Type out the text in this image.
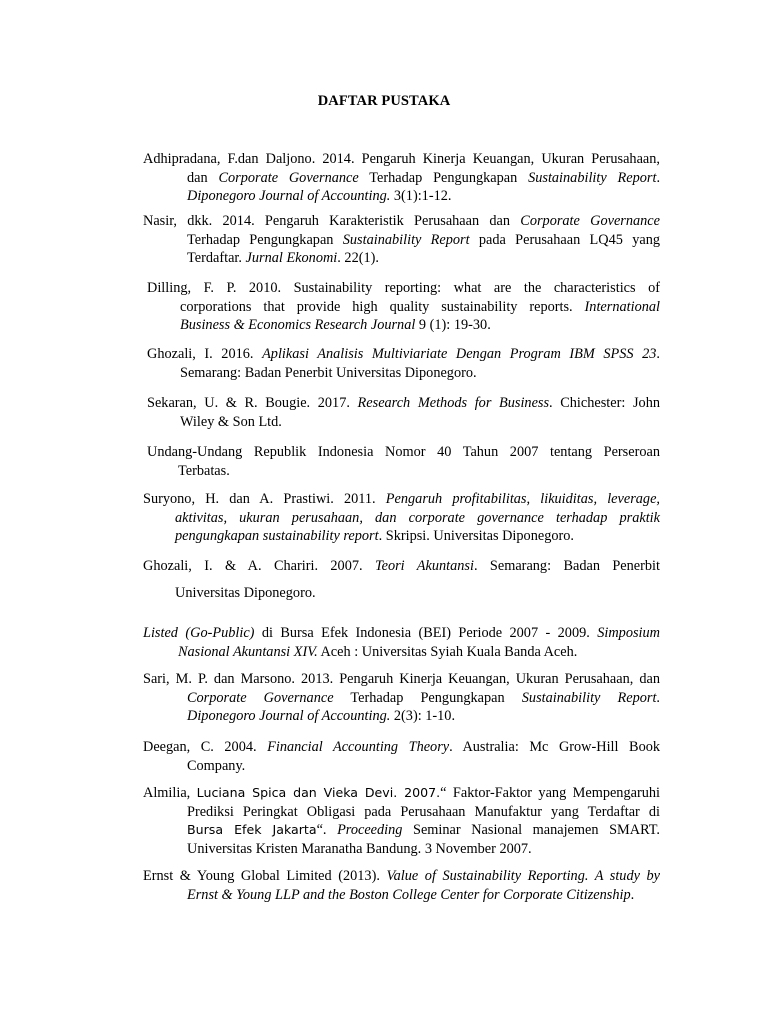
DAFTAR PUSTAKA
Adhipradana, F.dan Daljono. 2014. Pengaruh Kinerja Keuangan, Ukuran Perusahaan,
dan Corporate Governance Terhadap Pengungkapan Sustainability Report.
Diponegoro Journal of Accounting. 3(1):1-12.
Nasir, dkk. 2014. Pengaruh Karakteristik Perusahaan dan Corporate Governance
Terhadap Pengungkapan Sustainability Report pada Perusahaan LQ45 yang
Terdaftar. Jurnal Ekonomi. 22(1).
Dilling, F. P. 2010. Sustainability reporting: what are the characteristics of
corporations that provide high quality sustainability reports. International
Business & Economics Research Journal 9 (1): 19-30.
Ghozali, I. 2016. Aplikasi Analisis Multiviariate Dengan Program IBM SPSS 23.
Semarang: Badan Penerbit Universitas Diponegoro.
Sekaran, U. & R. Bougie. 2017. Research Methods for Business. Chichester: John
Wiley & Son Ltd.
Undang-Undang Republik Indonesia Nomor 40 Tahun 2007 tentang Perseroan
Terbatas.
Suryono, H. dan A. Prastiwi. 2011. Pengaruh profitabilitas, likuiditas, leverage,
aktivitas, ukuran perusahaan, dan corporate governance terhadap praktik
pengungkapan sustainability report. Skripsi. Universitas Diponegoro.
Ghozali, I. & A. Chariri. 2007. Teori Akuntansi. Semarang: Badan Penerbit
Universitas Diponegoro.
Listed (Go-Public) di Bursa Efek Indonesia (BEI) Periode 2007 - 2009. Simposium
Nasional Akuntansi XIV. Aceh : Universitas Syiah Kuala Banda Aceh.
Sari, M. P. dan Marsono. 2013. Pengaruh Kinerja Keuangan, Ukuran Perusahaan, dan
Corporate Governance Terhadap Pengungkapan Sustainability Report.
Diponegoro Journal of Accounting. 2(3): 1-10.
Deegan, C. 2004. Financial Accounting Theory. Australia: Mc Grow-Hill Book
Company.
Almilia, Luciana Spica dan Vieka Devi. 2007.“ Faktor-Faktor yang Mempengaruhi
Prediksi Peringkat Obligasi pada Perusahaan Manufaktur yang Terdaftar di
Bursa Efek Jakarta“. Proceeding Seminar Nasional manajemen SMART.
Universitas Kristen Maranatha Bandung. 3 November 2007.
Ernst & Young Global Limited (2013). Value of Sustainability Reporting. A study by
Ernst & Young LLP and the Boston College Center for Corporate Citizenship.
